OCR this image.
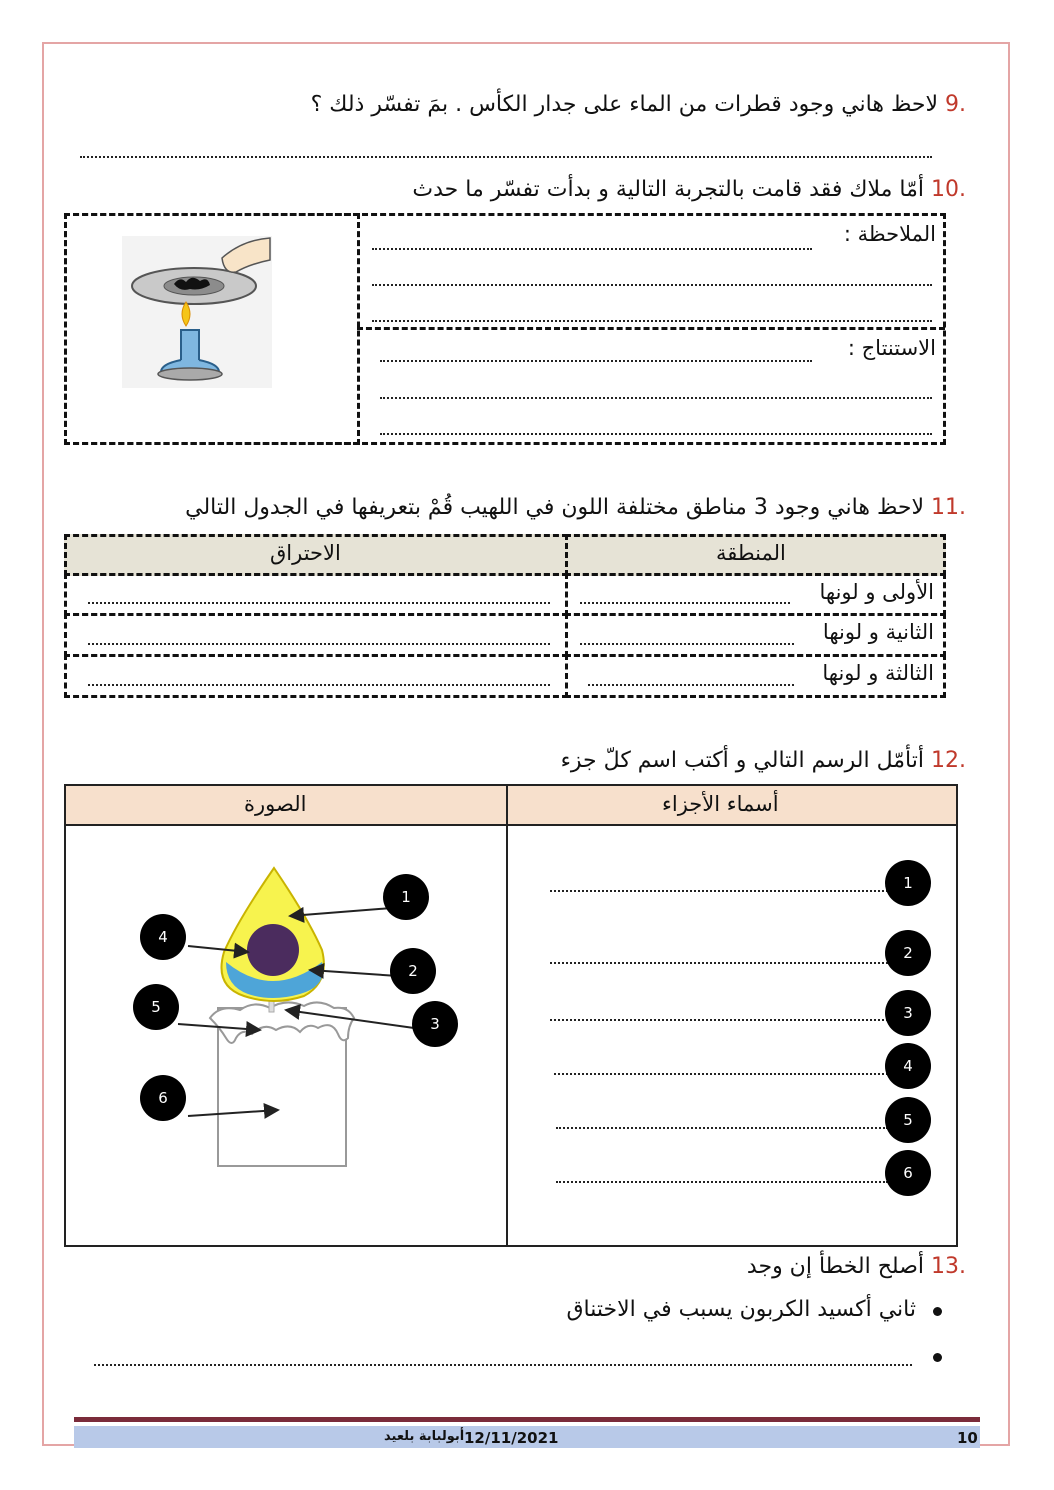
.9 لاحظ هاني وجود قطرات من الماء على جدار الكأس . بمَ تفسّر ذلك ؟
.10 أمّا ملاك فقد قامت بالتجربة التالية و بدأت تفسّر ما حدث
الملاحظة :
الاستنتاج :
.11 لاحظ هاني وجود 3 مناطق مختلفة اللون في اللهيب قُمْ بتعريفها في الجدول التالي
الاحتراق	المنطقة
الأولى و لونها
الثانية و لونها
الثالثة و لونها
.12 أتأمّل الرسم التالي و أكتب اسم كلّ جزء
الصورة	أسماء الأجزاء
1
4
2
5
3
6
1
2
3
4
5
6
.13 أصلح الخطأ إن وجد
ثاني أكسيد الكربون يسبب في الاختناق
12/11/2021
أبولبابة بلعيد	10
